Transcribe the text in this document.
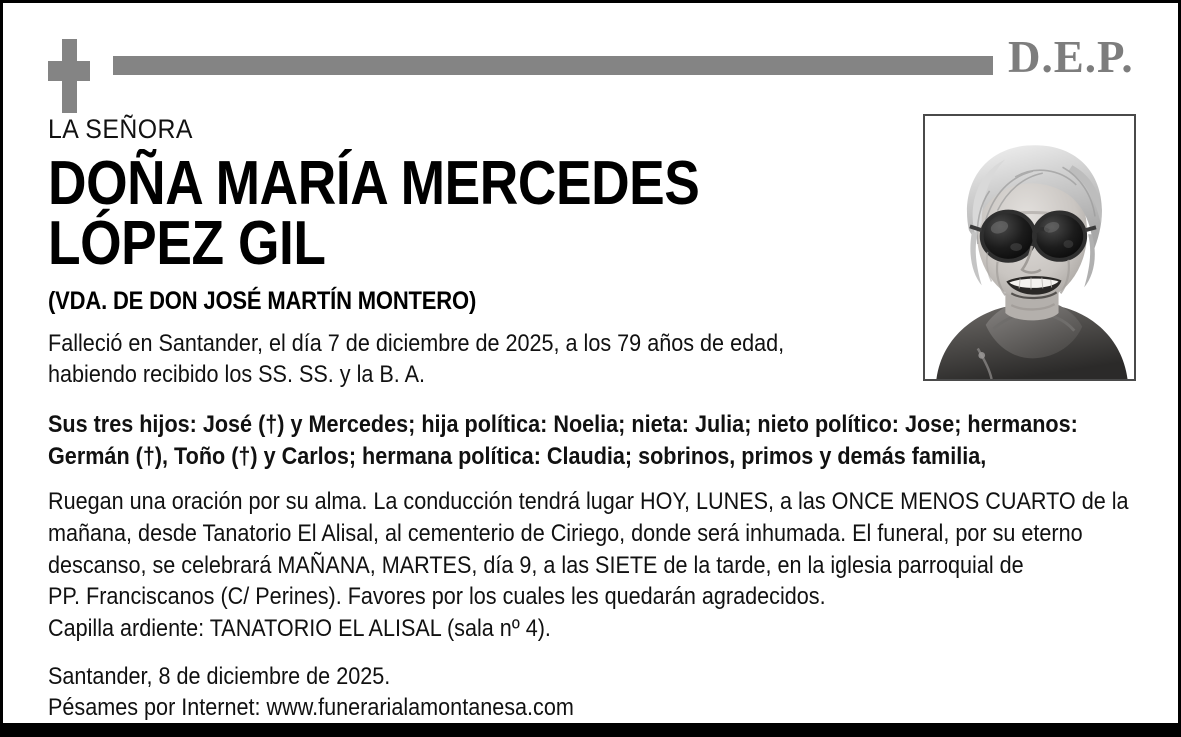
D.E.P.
LA SEÑORA
DOÑA MARÍA MERCEDES
LÓPEZ GIL
(VDA. DE DON JOSÉ MARTÍN MONTERO)
Falleció en Santander, el día 7 de diciembre de 2025, a los 79 años de edad,
habiendo recibido los SS. SS. y la B. A.
Sus tres hijos: José (†) y Mercedes; hija política: Noelia; nieta: Julia; nieto político: Jose; hermanos:
Germán (†), Toño (†) y Carlos; hermana política: Claudia; sobrinos, primos y demás familia,
Ruegan una oración por su alma. La conducción tendrá lugar HOY, LUNES, a las ONCE MENOS CUARTO de la
mañana, desde Tanatorio El Alisal, al cementerio de Ciriego, donde será inhumada. El funeral, por su eterno
descanso, se celebrará MAÑANA, MARTES, día 9, a las SIETE de la tarde, en la iglesia parroquial de
PP. Franciscanos (C/ Perines). Favores por los cuales les quedarán agradecidos.
Capilla ardiente: TANATORIO EL ALISAL (sala nº 4).
Santander, 8 de diciembre de 2025.
Pésames por Internet: www.funerarialamontanesa.com
